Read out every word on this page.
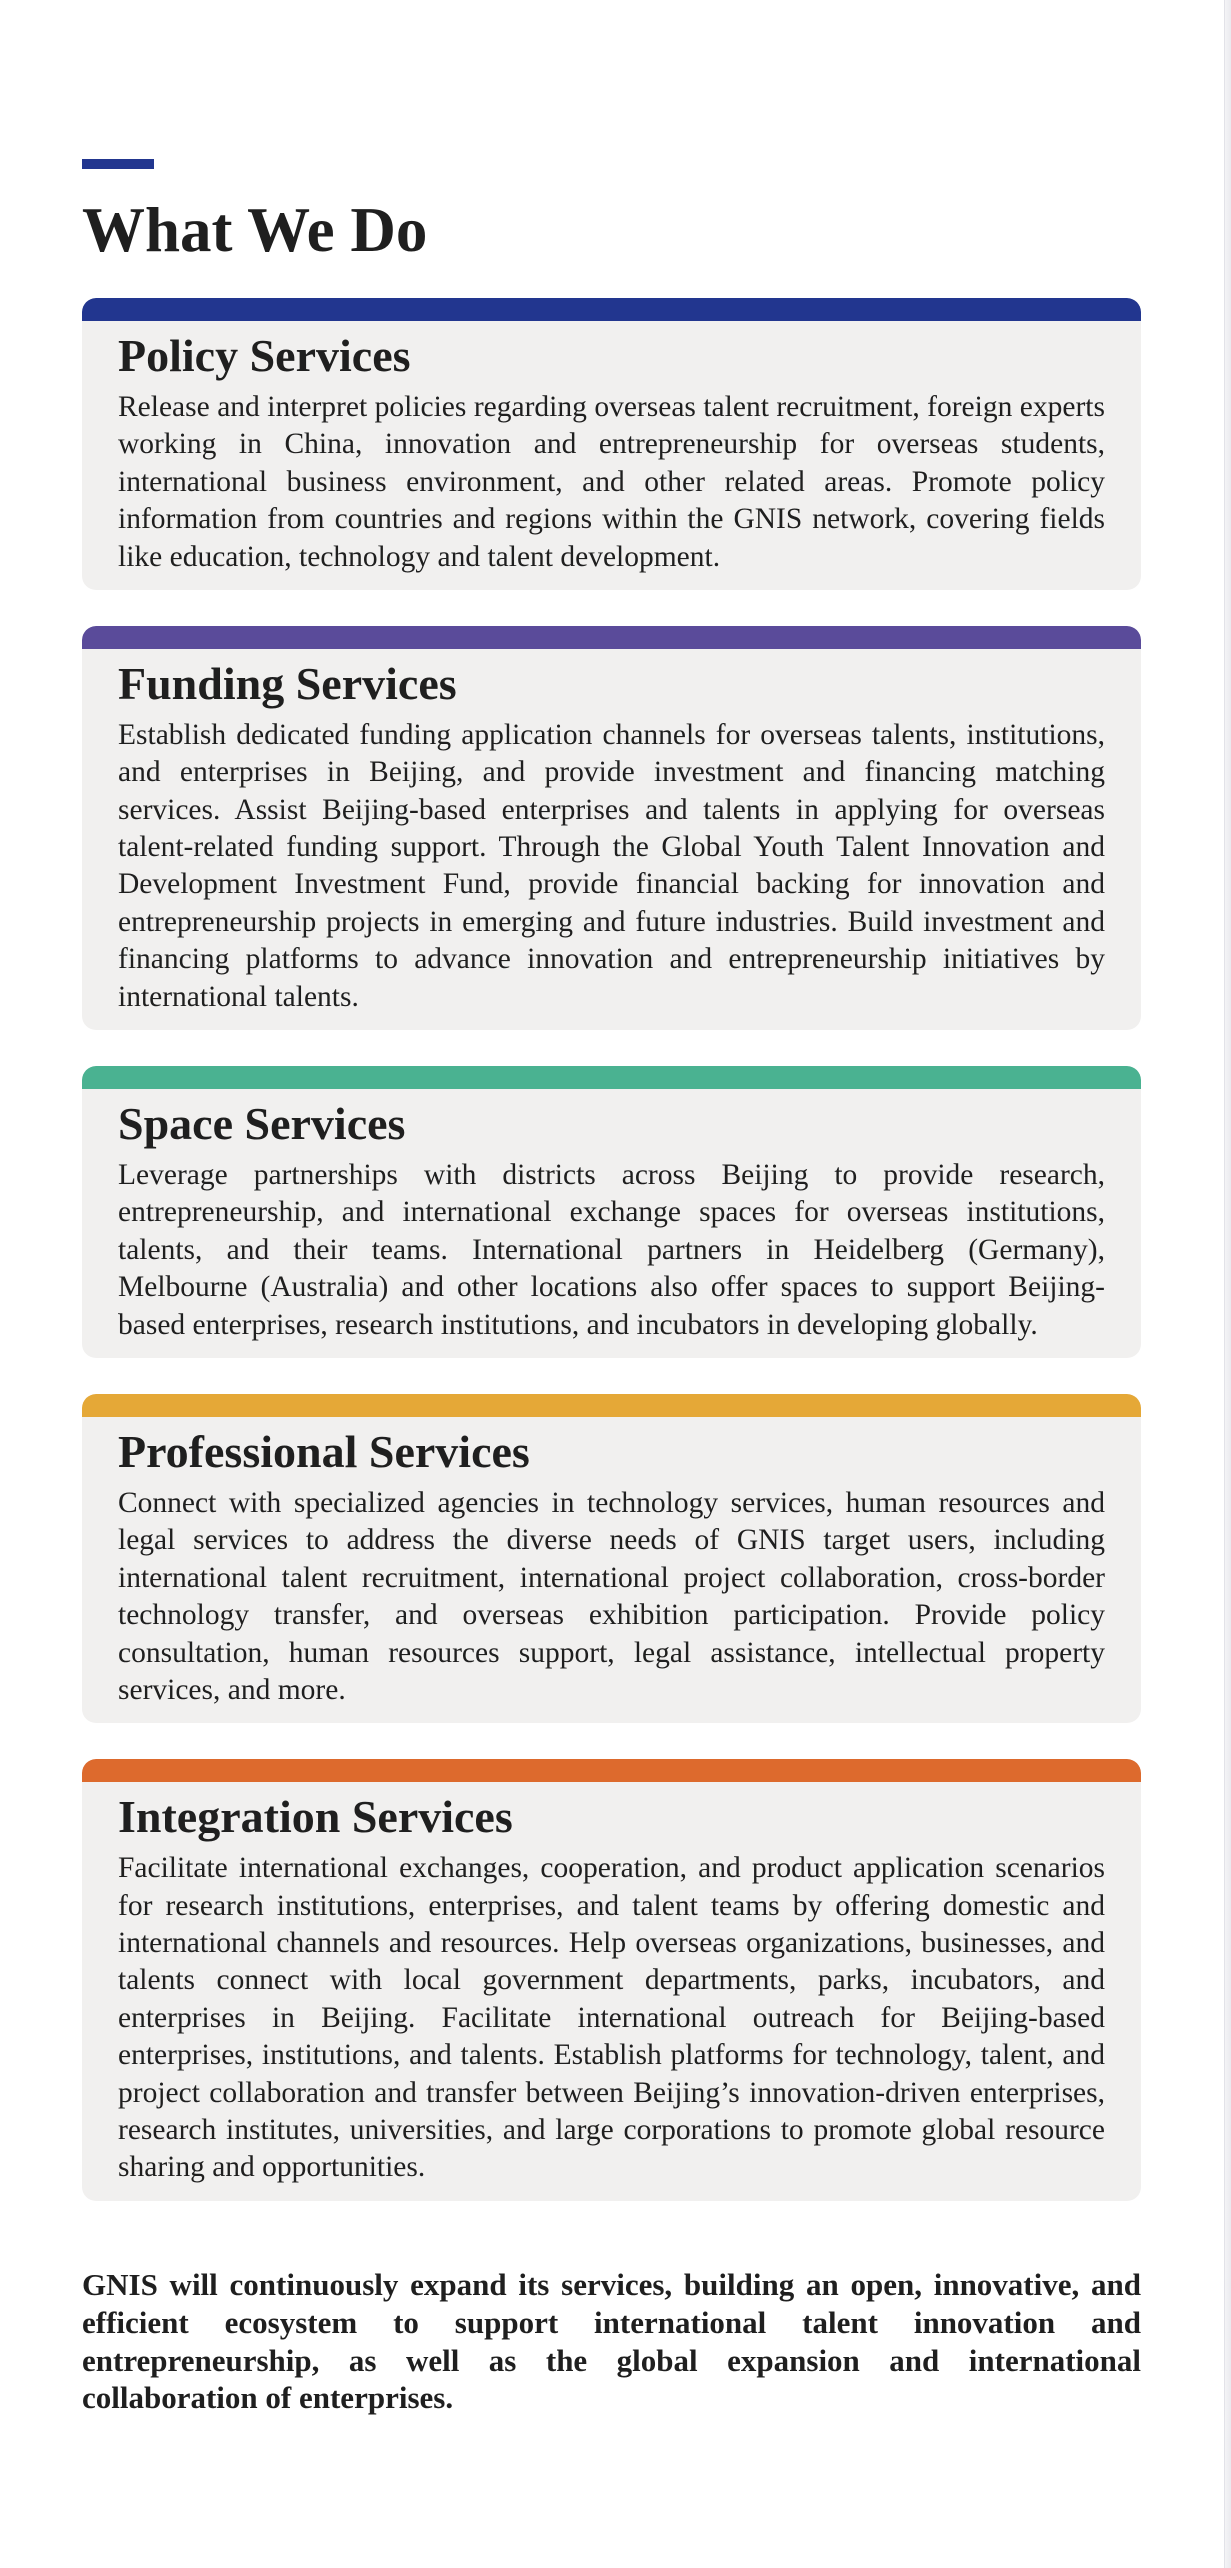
What We Do
Policy Services

Release and interpret policies regarding overseas talent recruitment, foreign experts working in China, innovation and entrepreneurship for overseas students, international business environment, and other related areas. Promote policy information from countries and regions within the GNIS network, covering fields like education, technology and talent development.

Funding Services

Establish dedicated funding application channels for overseas talents, institutions, and enterprises in Beijing, and provide investment and financing matching services. Assist Beijing-based enterprises and talents in applying for overseas talent-related funding support. Through the Global Youth Talent Innovation and Development Investment Fund, provide financial backing for innovation and entrepreneurship projects in emerging and future industries. Build investment and financing platforms to advance innovation and entrepreneurship initiatives by international talents.

Space Services

Leverage partnerships with districts across Beijing to provide research, entrepreneurship, and international exchange spaces for overseas institutions, talents, and their teams. International partners in Heidelberg (Germany), Melbourne (Australia) and other locations also offer spaces to support Beijing-based enterprises, research institutions, and incubators in developing globally.

Professional Services

Connect with specialized agencies in technology services, human resources and legal services to address the diverse needs of GNIS target users, including international talent recruitment, international project collaboration, cross-border technology transfer, and overseas exhibition participation. Provide policy consultation, human resources support, legal assistance, intellectual property services, and more.

Integration Services

Facilitate international exchanges, cooperation, and product application scenarios for research institutions, enterprises, and talent teams by offering domestic and international channels and resources. Help overseas organizations, businesses, and talents connect with local government departments, parks, incubators, and enterprises in Beijing. Facilitate international outreach for Beijing-based enterprises, institutions, and talents. Establish platforms for technology, talent, and project collaboration and transfer between Beijing’s innovation-driven enterprises, research institutes, universities, and large corporations to promote global resource sharing and opportunities.

GNIS will continuously expand its services, building an open, innovative, and efficient ecosystem to support international talent innovation and entrepreneurship, as well as the global expansion and international collaboration of enterprises.
